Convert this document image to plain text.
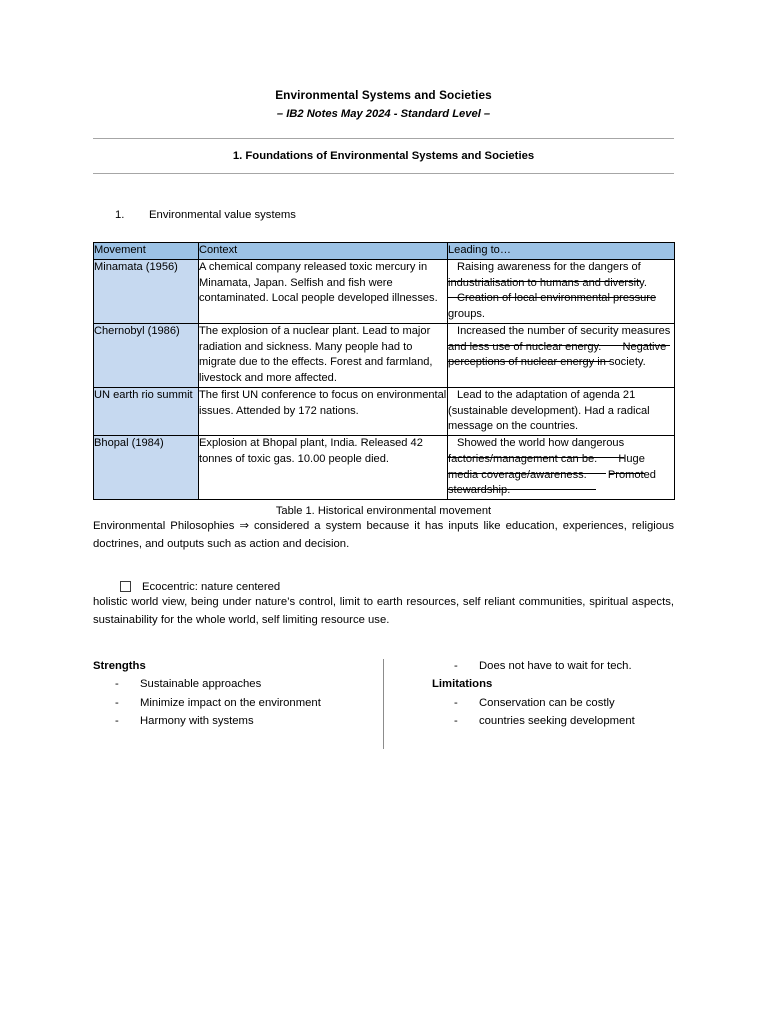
Environmental Systems and Societies
– IB2 Notes May 2024 - Standard Level –
1. Foundations of Environmental Systems and Societies
1.	Environmental value systems
Movement	Context	Leading to…
Minamata (1956)	A chemical company released toxic mercury in Minamata, Japan. Selfish and fish were contaminated. Local people developed illnesses.	Raising awareness for the dangers of industrialisation to humans and diversity. Creation of local environmental pressure groups.

Chernobyl (1986)	The explosion of a nuclear plant. Lead to major radiation and sickness. Many people had to migrate due to the effects. Forest and farmland, livestock and more affected.	Increased the number of security measures and less use of nuclear energy. Negative perceptions of nuclear energy in society.

UN earth rio summit	The first UN conference to focus on environmental issues. Attended by 172 nations.	Lead to the adaptation of agenda 21 (sustainable development). Had a radical message on the countries.

Bhopal (1984)	Explosion at Bhopal plant, India. Released 42 tonnes of toxic gas. 10.00 people died.	Showed the world how dangerous factories/management can be. Huge media coverage/awareness. Promoted stewardship.
Table 1. Historical environmental movement

Environmental Philosophies ⇒ considered a system because it has inputs like education, experiences, religious doctrines, and outputs such as action and decision.

Ecocentric: nature centered

holistic world view, being under nature’s control, limit to earth resources, self reliant communities, spiritual aspects, sustainability for the whole world, self limiting resource use.

Strengths
-	Sustainable approaches
-	Minimize impact on the environment
-	Harmony with systems
-	Does not have to wait for tech.
Limitations
-	Conservation can be costly
-	countries seeking development
